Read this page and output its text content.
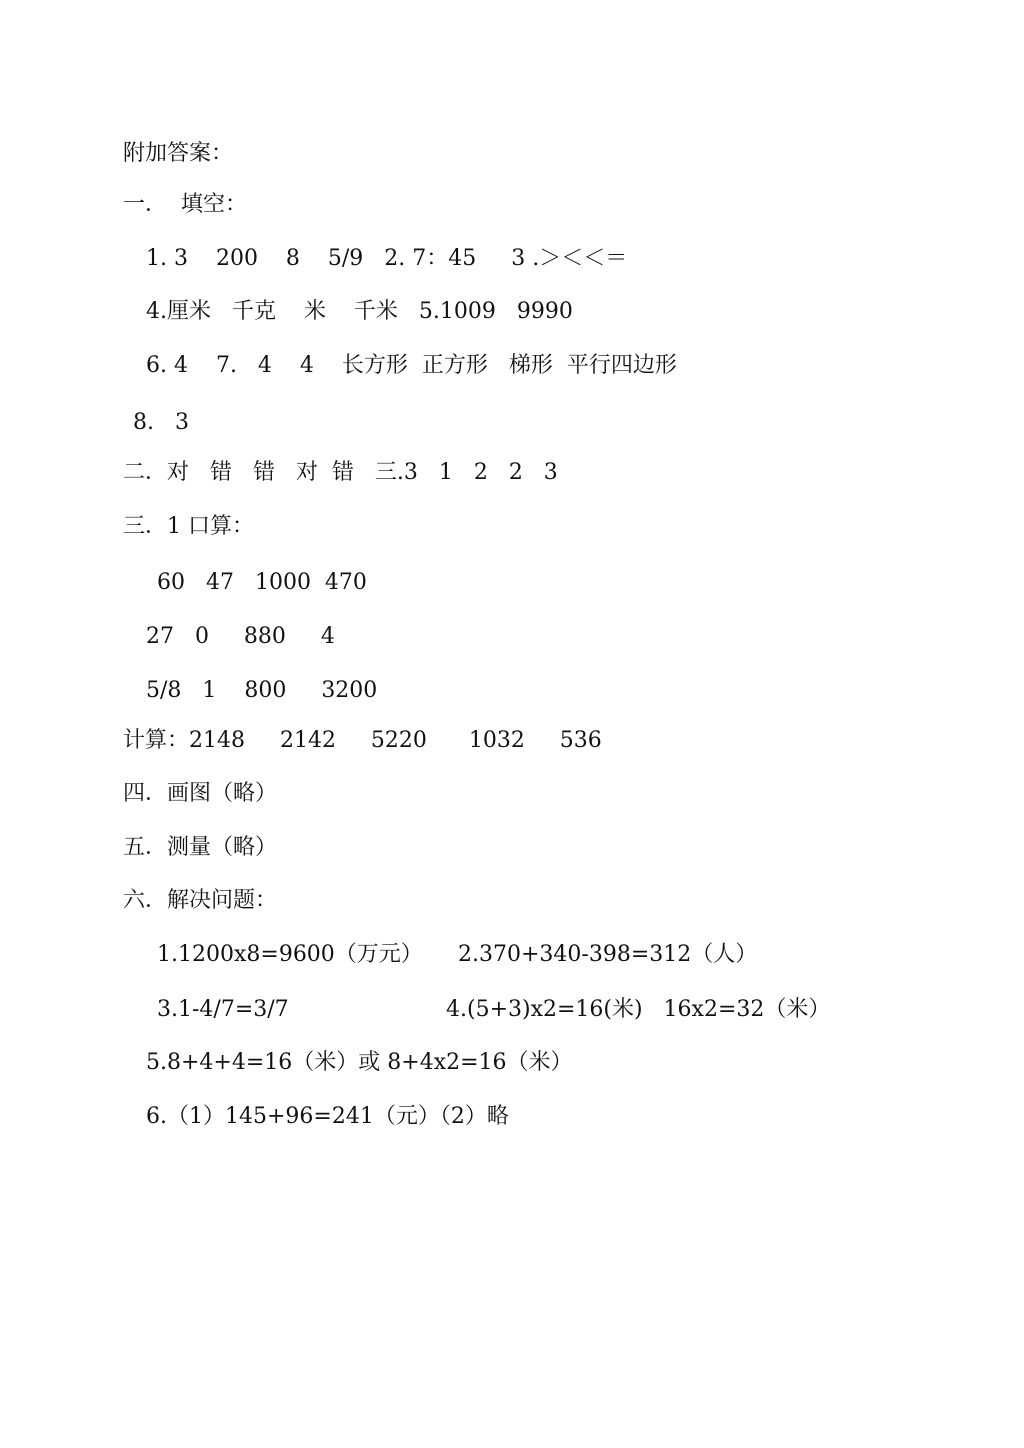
附加答案：
一．  填空：
1. 3    200    8    5/9   2. 7：45     3 .＞＜＜＝
4.厘米   千克    米    千米   5.1009   9990
6. 4    7.   4    4    长方形  正方形   梯形  平行四边形
8.   3
二．对   错   错   对  错   三.3   1   2   2   3
三．1 口算：
60   47   1000  470
27   0     880     4
5/8   1    800     3200
计算：2148     2142     5220      1032     536
四．画图（略）
五．测量（略）
六．解决问题：
1.1200x8=9600（万元） 2.370+340-398=312（人）
3.1-4/7=3/7	4.(5+3)x2=16(米)   16x2=32（米）
5.8+4+4=16（米）或 8+4x2=16（米）
6.（1）145+96=241（元）（2）略
